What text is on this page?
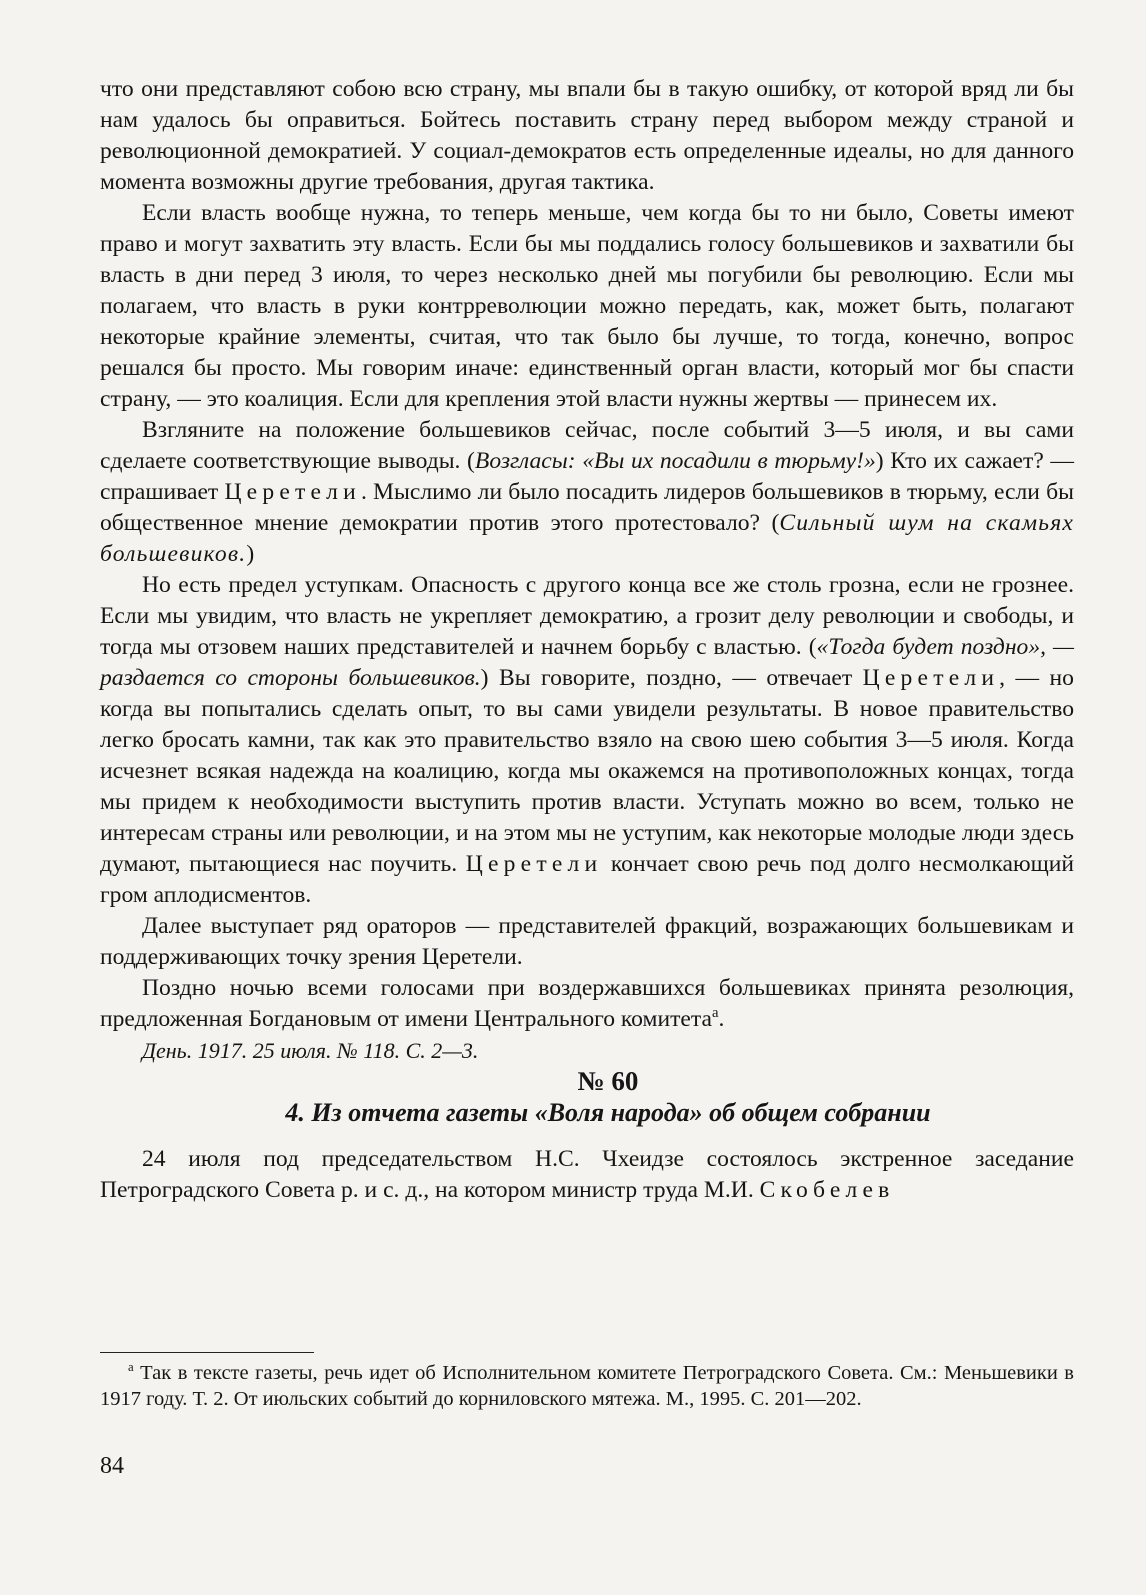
что они представляют собою всю страну, мы впали бы в такую ошибку, от которой вряд ли бы нам удалось бы оправиться. Бойтесь поставить страну перед выбором между страной и революционной демократией. У социал-демократов есть определенные идеалы, но для данного момента возможны другие требования, другая тактика.

Если власть вообще нужна, то теперь меньше, чем когда бы то ни было, Советы имеют право и могут захватить эту власть. Если бы мы поддались голосу большевиков и захватили бы власть в дни перед 3 июля, то через несколько дней мы погубили бы революцию. Если мы полагаем, что власть в руки контрреволюции можно передать, как, может быть, полагают некоторые крайние элементы, считая, что так было бы лучше, то тогда, конечно, вопрос решался бы просто. Мы говорим иначе: единственный орган власти, который мог бы спасти страну, — это коалиция. Если для крепления этой власти нужны жертвы — принесем их.

Взгляните на положение большевиков сейчас, после событий 3—5 июля, и вы сами сделаете соответствующие выводы. (Возгласы: «Вы их посадили в тюрьму!») Кто их сажает? — спрашивает Церетели. Мыслимо ли было посадить лидеров большевиков в тюрьму, если бы общественное мнение демократии против этого протестовало? (Сильный шум на скамьях большевиков.)

Но есть предел уступкам. Опасность с другого конца все же столь грозна, если не грознее. Если мы увидим, что власть не укрепляет демократию, а грозит делу революции и свободы, и тогда мы отзовем наших представителей и начнем борьбу с властью. («Тогда будет поздно», — раздается со стороны большевиков.) Вы говорите, поздно, — отвечает Церетели, — но когда вы попытались сделать опыт, то вы сами увидели результаты. В новое правительство легко бросать камни, так как это правительство взяло на свою шею события 3—5 июля. Когда исчезнет всякая надежда на коалицию, когда мы окажемся на противоположных концах, тогда мы придем к необходимости выступить против власти. Уступать можно во всем, только не интересам страны или революции, и на этом мы не уступим, как некоторые молодые люди здесь думают, пытающиеся нас поучить. Церетели кончает свою речь под долго несмолкающий гром аплодисментов.

Далее выступает ряд ораторов — представителей фракций, возражающих большевикам и поддерживающих точку зрения Церетели.

Поздно ночью всеми голосами при воздержавшихся большевиках принята резолюция, предложенная Богдановым от имени Центрального комитета$^а$.

День. 1917. 25 июля. № 118. С. 2—3.

№ 60

4. Из отчета газеты «Воля народа» об общем собрании

24 июля под председательством Н.С. Чхеидзе состоялось экстренное заседание Петроградского Совета р. и с. д., на котором министр труда М.И. Скобелев

$^а$ Так в тексте газеты, речь идет об Исполнительном комитете Петроградского Совета. См.: Меньшевики в 1917 году. Т. 2. От июльских событий до корниловского мятежа. М., 1995. С. 201—202.

84
